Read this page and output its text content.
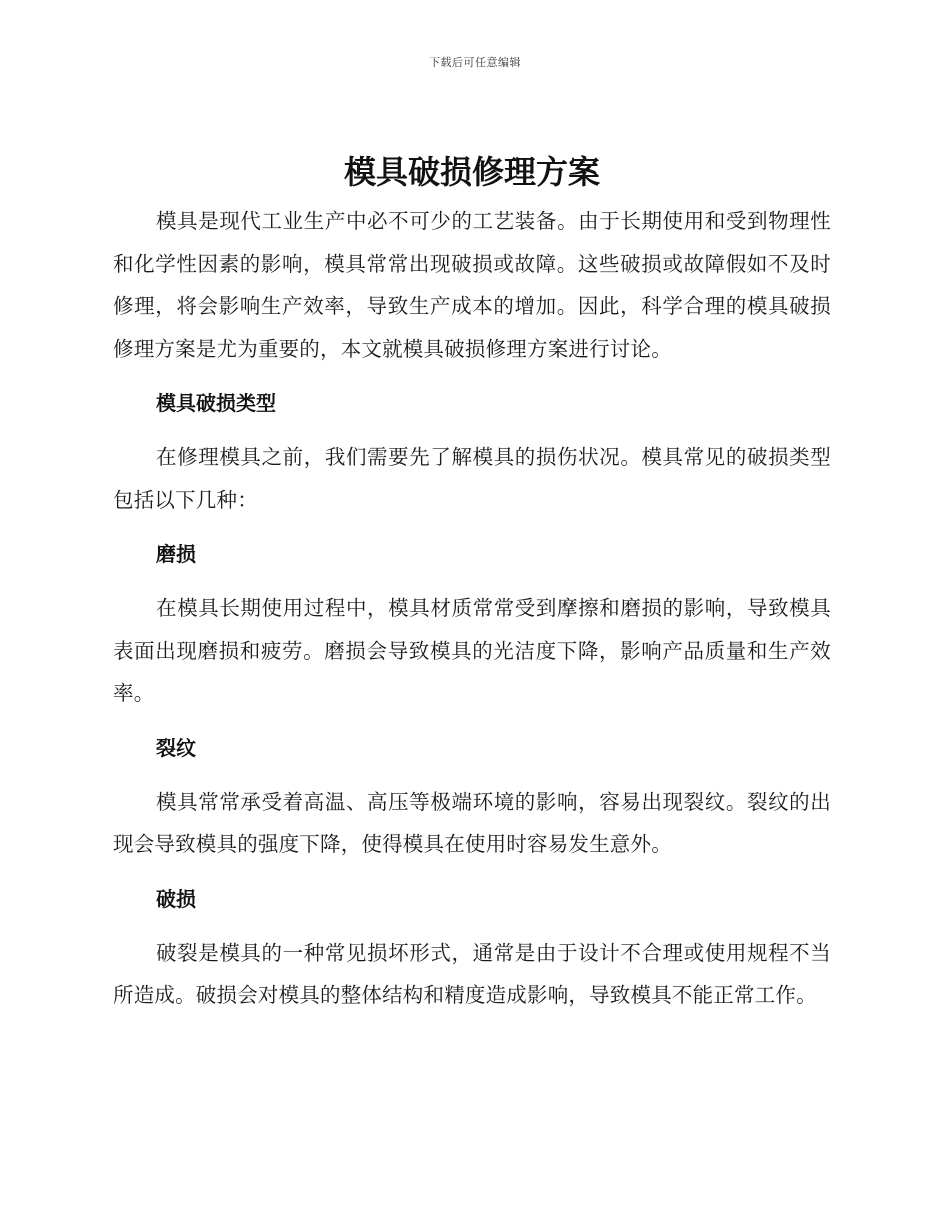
下载后可任意编辑
模具破损修理方案

模具是现代工业生产中必不可少的工艺装备。由于长期使用和受到物理性和化学性因素的影响，模具常常出现破损或故障。这些破损或故障假如不及时修理，将会影响生产效率，导致生产成本的增加。因此，科学合理的模具破损修理方案是尤为重要的，本文就模具破损修理方案进行讨论。

模具破损类型

在修理模具之前，我们需要先了解模具的损伤状况。模具常见的破损类型包括以下几种：

磨损

在模具长期使用过程中，模具材质常常受到摩擦和磨损的影响，导致模具表面出现磨损和疲劳。磨损会导致模具的光洁度下降，影响产品质量和生产效率。

裂纹

模具常常承受着高温、高压等极端环境的影响，容易出现裂纹。裂纹的出现会导致模具的强度下降，使得模具在使用时容易发生意外。

破损

破裂是模具的一种常见损坏形式，通常是由于设计不合理或使用规程不当所造成。破损会对模具的整体结构和精度造成影响，导致模具不能正常工作。
